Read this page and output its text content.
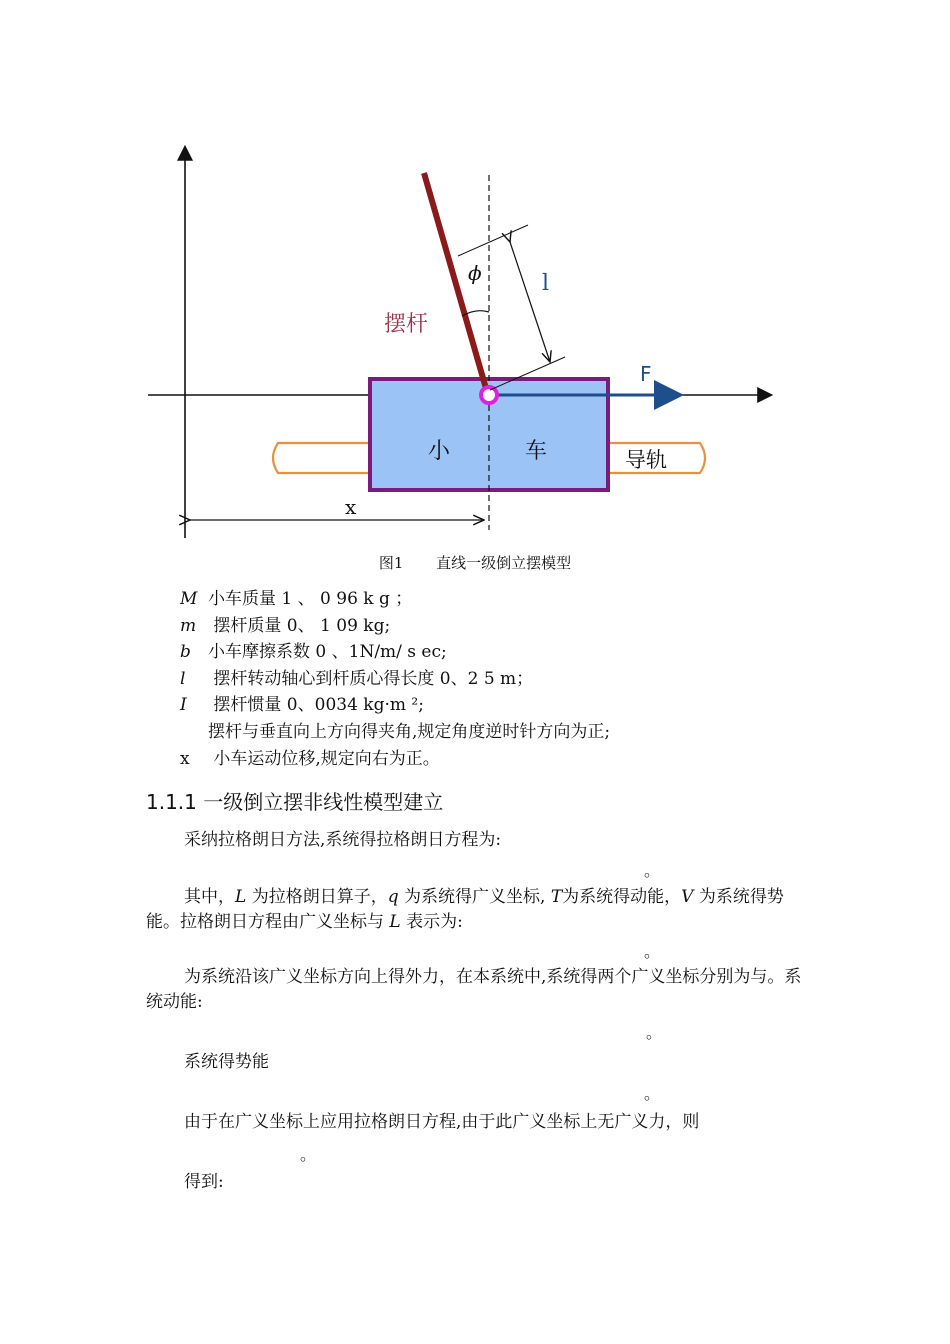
摆杆
小	车	导轨
F
l
ϕ
x
图1 直线一级倒立摆模型
M 小车质量 1 、 0 96 k g ；
m 摆杆质量 0、 1 09 kg;
b 小车摩擦系数 0 、1N/m/ s ec;
l 摆杆转动轴心到杆质心得长度 0、2 5 m；
I 摆杆惯量 0、0034 kg·m ²;
摆杆与垂直向上方向得夹角,规定角度逆时针方向为正;
x 小车运动位移,规定向右为正。
1.1.1 一级倒立摆非线性模型建立
采纳拉格朗日方法,系统得拉格朗日方程为:
。
其中，L 为拉格朗日算子，q 为系统得广义坐标, T为系统得动能，V 为系统得势能。拉格朗日方程由广义坐标与 L 表示为:
。
为系统沿该广义坐标方向上得外力，在本系统中,系统得两个广义坐标分别为与。系统动能:
。
系统得势能
。
由于在广义坐标上应用拉格朗日方程,由于此广义坐标上无广义力，则
。
得到:
